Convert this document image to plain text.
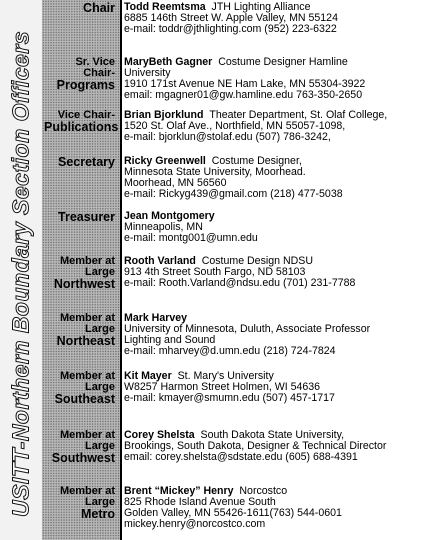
USITT-Northern Boundary Section Officers
Chair Todd Reemtsma JTH Lighting Alliance
6885 146th Street W. Apple Valley, MN 55124
e-mail: toddr@jthlighting.com (952) 223-6322
Sr. Vice
Chair-
Programs
MaryBeth Gagner Costume Designer Hamline
University
1910 171st Avenue NE Ham Lake, MN 55304-3922
email: mgagner01@gw.hamline.edu 763-350-2650
Vice Chair-
Publications
Brian Bjorklund Theater Department, St. Olaf College,
1520 St. Olaf Ave., Northfield, MN 55057-1098,
e-mail: bjorklun@stolaf.edu (507) 786-3242,
Secretary Ricky Greenwell Costume Designer,
Minnesota State University, Moorhead.
Moorhead, MN 56560
e-mail: Rickyg439@gmail.com (218) 477-5038
Treasurer Jean Montgomery
Minneapolis, MN
e-mail: montg001@umn.edu
Member at
Large
Northwest
Rooth Varland Costume Design NDSU
913 4th Street South Fargo, ND 58103
e-mail: Rooth.Varland@ndsu.edu (701) 231-7788
Member at
Large
Northeast
Mark Harvey
University of Minnesota, Duluth, Associate Professor
Lighting and Sound
e-mail: mharvey@d.umn.edu (218) 724-7824
Member at
Large
Southeast
Kit Mayer St. Mary's University
W8257 Harmon Street Holmen, WI 54636
e-mail: kmayer@smumn.edu (507) 457-1717
Member at
Large
Southwest
Corey Shelsta South Dakota State University,
Brookings, South Dakota, Designer & Technical Director
email: corey.shelsta@sdstate.edu (605) 688-4391
Member at
Large
Metro
Brent “Mickey” Henry Norcostco
825 Rhode Island Avenue South
Golden Valley, MN 55426-1611(763) 544-0601
mickey.henry@norcostco.com
